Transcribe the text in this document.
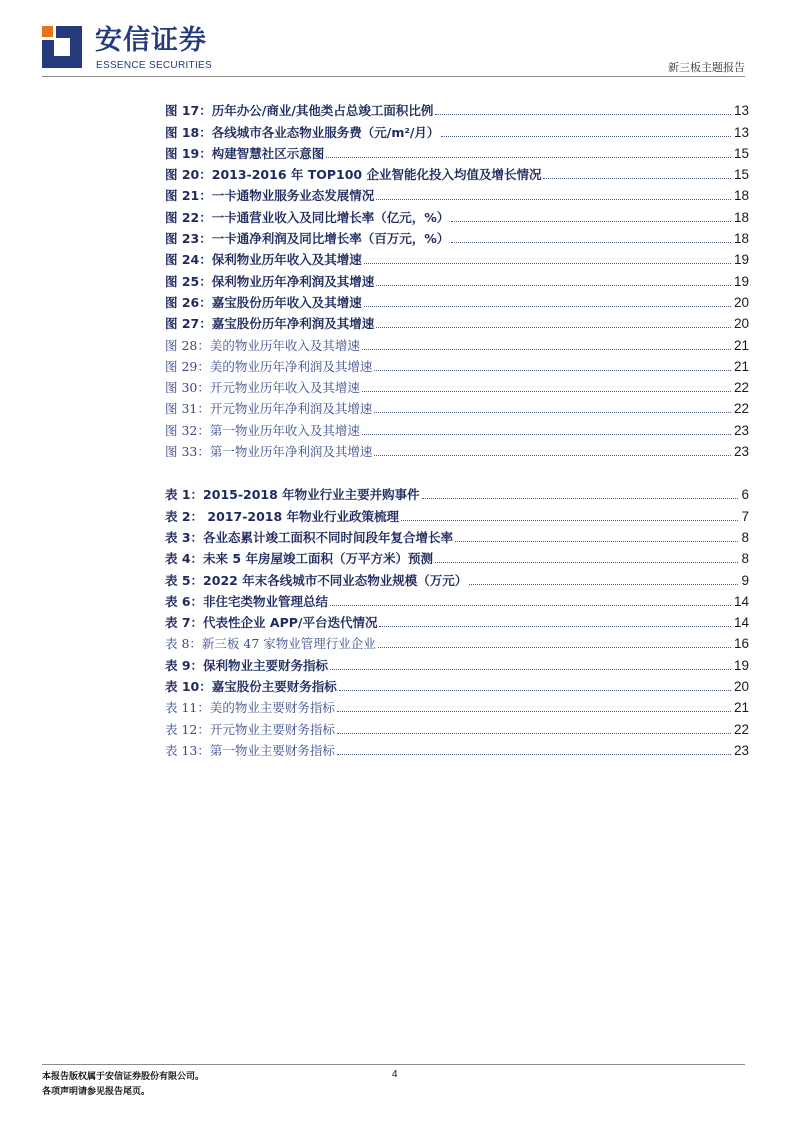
安信证券
ESSENCE SECURITIES	新三板主题报告
图 17：历年办公/商业/其他类占总竣工面积比例	13
图 18：各线城市各业态物业服务费（元/m²/月）	13
图 19：构建智慧社区示意图	15
图 20：2013-2016 年 TOP100 企业智能化投入均值及增长情况	15
图 21：一卡通物业服务业态发展情况	18
图 22：一卡通营业收入及同比增长率（亿元，%）	18
图 23：一卡通净利润及同比增长率（百万元，%）	18
图 24：保利物业历年收入及其增速	19
图 25：保利物业历年净利润及其增速	19
图 26：嘉宝股份历年收入及其增速	20
图 27：嘉宝股份历年净利润及其增速	20
图 28：美的物业历年收入及其增速	21
图 29：美的物业历年净利润及其增速	21
图 30：开元物业历年收入及其增速	22
图 31：开元物业历年净利润及其增速	22
图 32：第一物业历年收入及其增速	23
图 33：第一物业历年净利润及其增速	23
表 1：2015-2018 年物业行业主要并购事件	6
表 2： 2017-2018 年物业行业政策梳理	7
表 3：各业态累计竣工面积不同时间段年复合增长率	8
表 4：未来 5 年房屋竣工面积（万平方米）预测	8
表 5：2022 年末各线城市不同业态物业规模（万元）	9
表 6：非住宅类物业管理总结	14
表 7：代表性企业 APP/平台迭代情况	14
表 8：新三板 47 家物业管理行业企业	16
表 9：保利物业主要财务指标	19
表 10：嘉宝股份主要财务指标	20
表 11：美的物业主要财务指标	21
表 12：开元物业主要财务指标	22
表 13：第一物业主要财务指标	23
本报告版权属于安信证券股份有限公司。
各项声明请参见报告尾页。
4
